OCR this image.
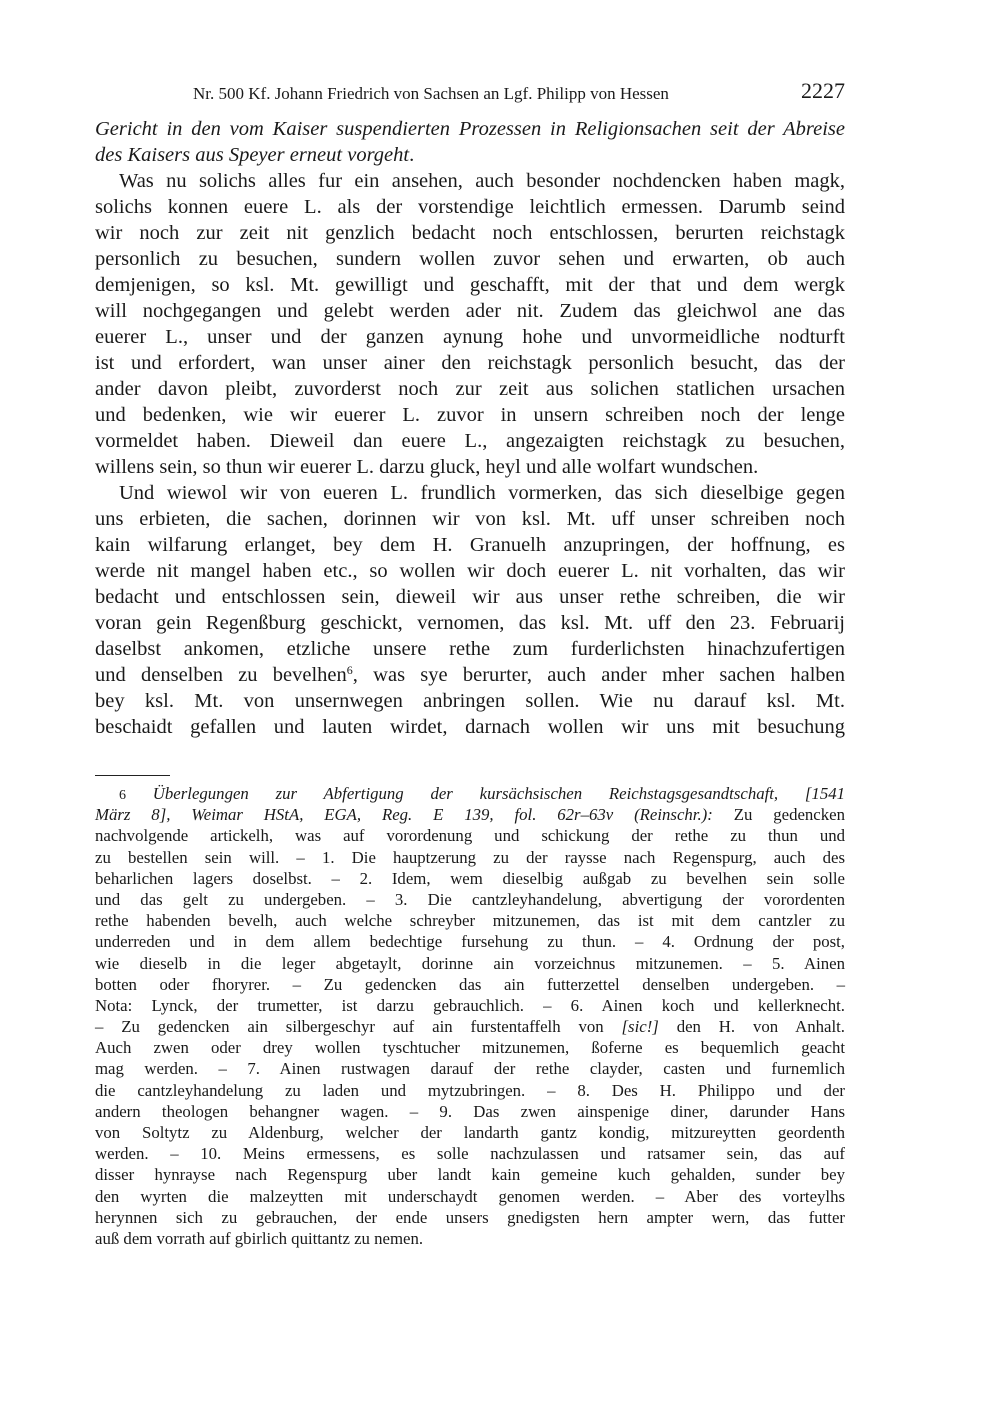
Nr. 500 Kf. Johann Friedrich von Sachsen an Lgf. Philipp von Hessen	2227
Gericht in den vom Kaiser suspendierten Prozessen in Religionsachen seit der Abreise
des Kaisers aus Speyer erneut vorgeht.
Was nu solichs alles fur ein ansehen, auch besonder nochdencken haben magk,
solichs konnen euere L. als der vorstendige leichtlich ermessen. Darumb seind
wir noch zur zeit nit genzlich bedacht noch entschlossen, berurten reichstagk
personlich zu besuchen, sundern wollen zuvor sehen und erwarten, ob auch
demjenigen, so ksl. Mt. gewilligt und geschafft, mit der that und dem wergk
will nochgegangen und gelebt werden ader nit. Zudem das gleichwol ane das
euerer L., unser und der ganzen aynung hohe und unvormeidliche nodturft
ist und erfordert, wan unser ainer den reichstagk personlich besucht, das der
ander davon pleibt, zuvorderst noch zur zeit aus solichen statlichen ursachen
und bedenken, wie wir euerer L. zuvor in unsern schreiben noch der lenge
vormeldet haben. Dieweil dan euere L., angezaigten reichstagk zu besuchen,
willens sein, so thun wir euerer L. darzu gluck, heyl und alle wolfart wundschen.
Und wiewol wir von eueren L. frundlich vormerken, das sich dieselbige gegen
uns erbieten, die sachen, dorinnen wir von ksl. Mt. uff unser schreiben noch
kain wilfarung erlanget, bey dem H. Granuelh anzupringen, der hoffnung, es
werde nit mangel haben etc., so wollen wir doch euerer L. nit vorhalten, das wir
bedacht und entschlossen sein, dieweil wir aus unser rethe schreiben, die wir
voran gein Regenßburg geschickt, vernomen, das ksl. Mt. uff den 23. Februarij
daselbst ankomen, etzliche unsere rethe zum furderlichsten hinachzufertigen
und denselben zu bevelhen$^6$, was sye berurter, auch ander mher sachen halben
bey ksl. Mt. von unsernwegen anbringen sollen. Wie nu darauf ksl. Mt.
beschaidt gefallen und lauten wirdet, darnach wollen wir uns mit besuchung
6 Überlegungen zur Abfertigung der kursächsischen Reichstagsgesandtschaft, [1541
März 8], Weimar HStA, EGA, Reg. E 139, fol. 62r–63v (Reinschr.): Zu gedencken
nachvolgende artickelh, was auf vorordenung und schickung der rethe zu thun und
zu bestellen sein will. – 1. Die hauptzerung zu der raysse nach Regenspurg, auch des
beharlichen lagers doselbst. – 2. Idem, wem dieselbig außgab zu bevelhen sein solle
und das gelt zu undergeben. – 3. Die cantzleyhandelung, abvertigung der vorordenten
rethe habenden bevelh, auch welche schreyber mitzunemen, das ist mit dem cantzler zu
underreden und in dem allem bedechtige fursehung zu thun. – 4. Ordnung der post,
wie dieselb in die leger abgetaylt, dorinne ain vorzeichnus mitzunemen. – 5. Ainen
botten oder fhoryrer. – Zu gedencken das ain futterzettel denselben undergeben. –
Nota: Lynck, der trumetter, ist darzu gebrauchlich. – 6. Ainen koch und kellerknecht.
– Zu gedencken ain silbergeschyr auf ain furstentaffelh von [sic!] den H. von Anhalt.
Auch zwen oder drey wollen tyschtucher mitzunemen, ßoferne es bequemlich geacht
mag werden. – 7. Ainen rustwagen darauf der rethe clayder, casten und furnemlich
die cantzleyhandelung zu laden und mytzubringen. – 8. Des H. Philippo und der
andern theologen behangner wagen. – 9. Das zwen ainspenige diner, darunder Hans
von Soltytz zu Aldenburg, welcher der landarth gantz kondig, mitzureytten geordenth
werden. – 10. Meins ermessens, es solle nachzulassen und ratsamer sein, das auf
disser hynrayse nach Regenspurg uber landt kain gemeine kuch gehalden, sunder bey
den wyrten die malzeytten mit underschaydt genomen werden. – Aber des vorteylhs
herynnen sich zu gebrauchen, der ende unsers gnedigsten hern ampter wern, das futter
auß dem vorrath auf gbirlich quittantz zu nemen.
